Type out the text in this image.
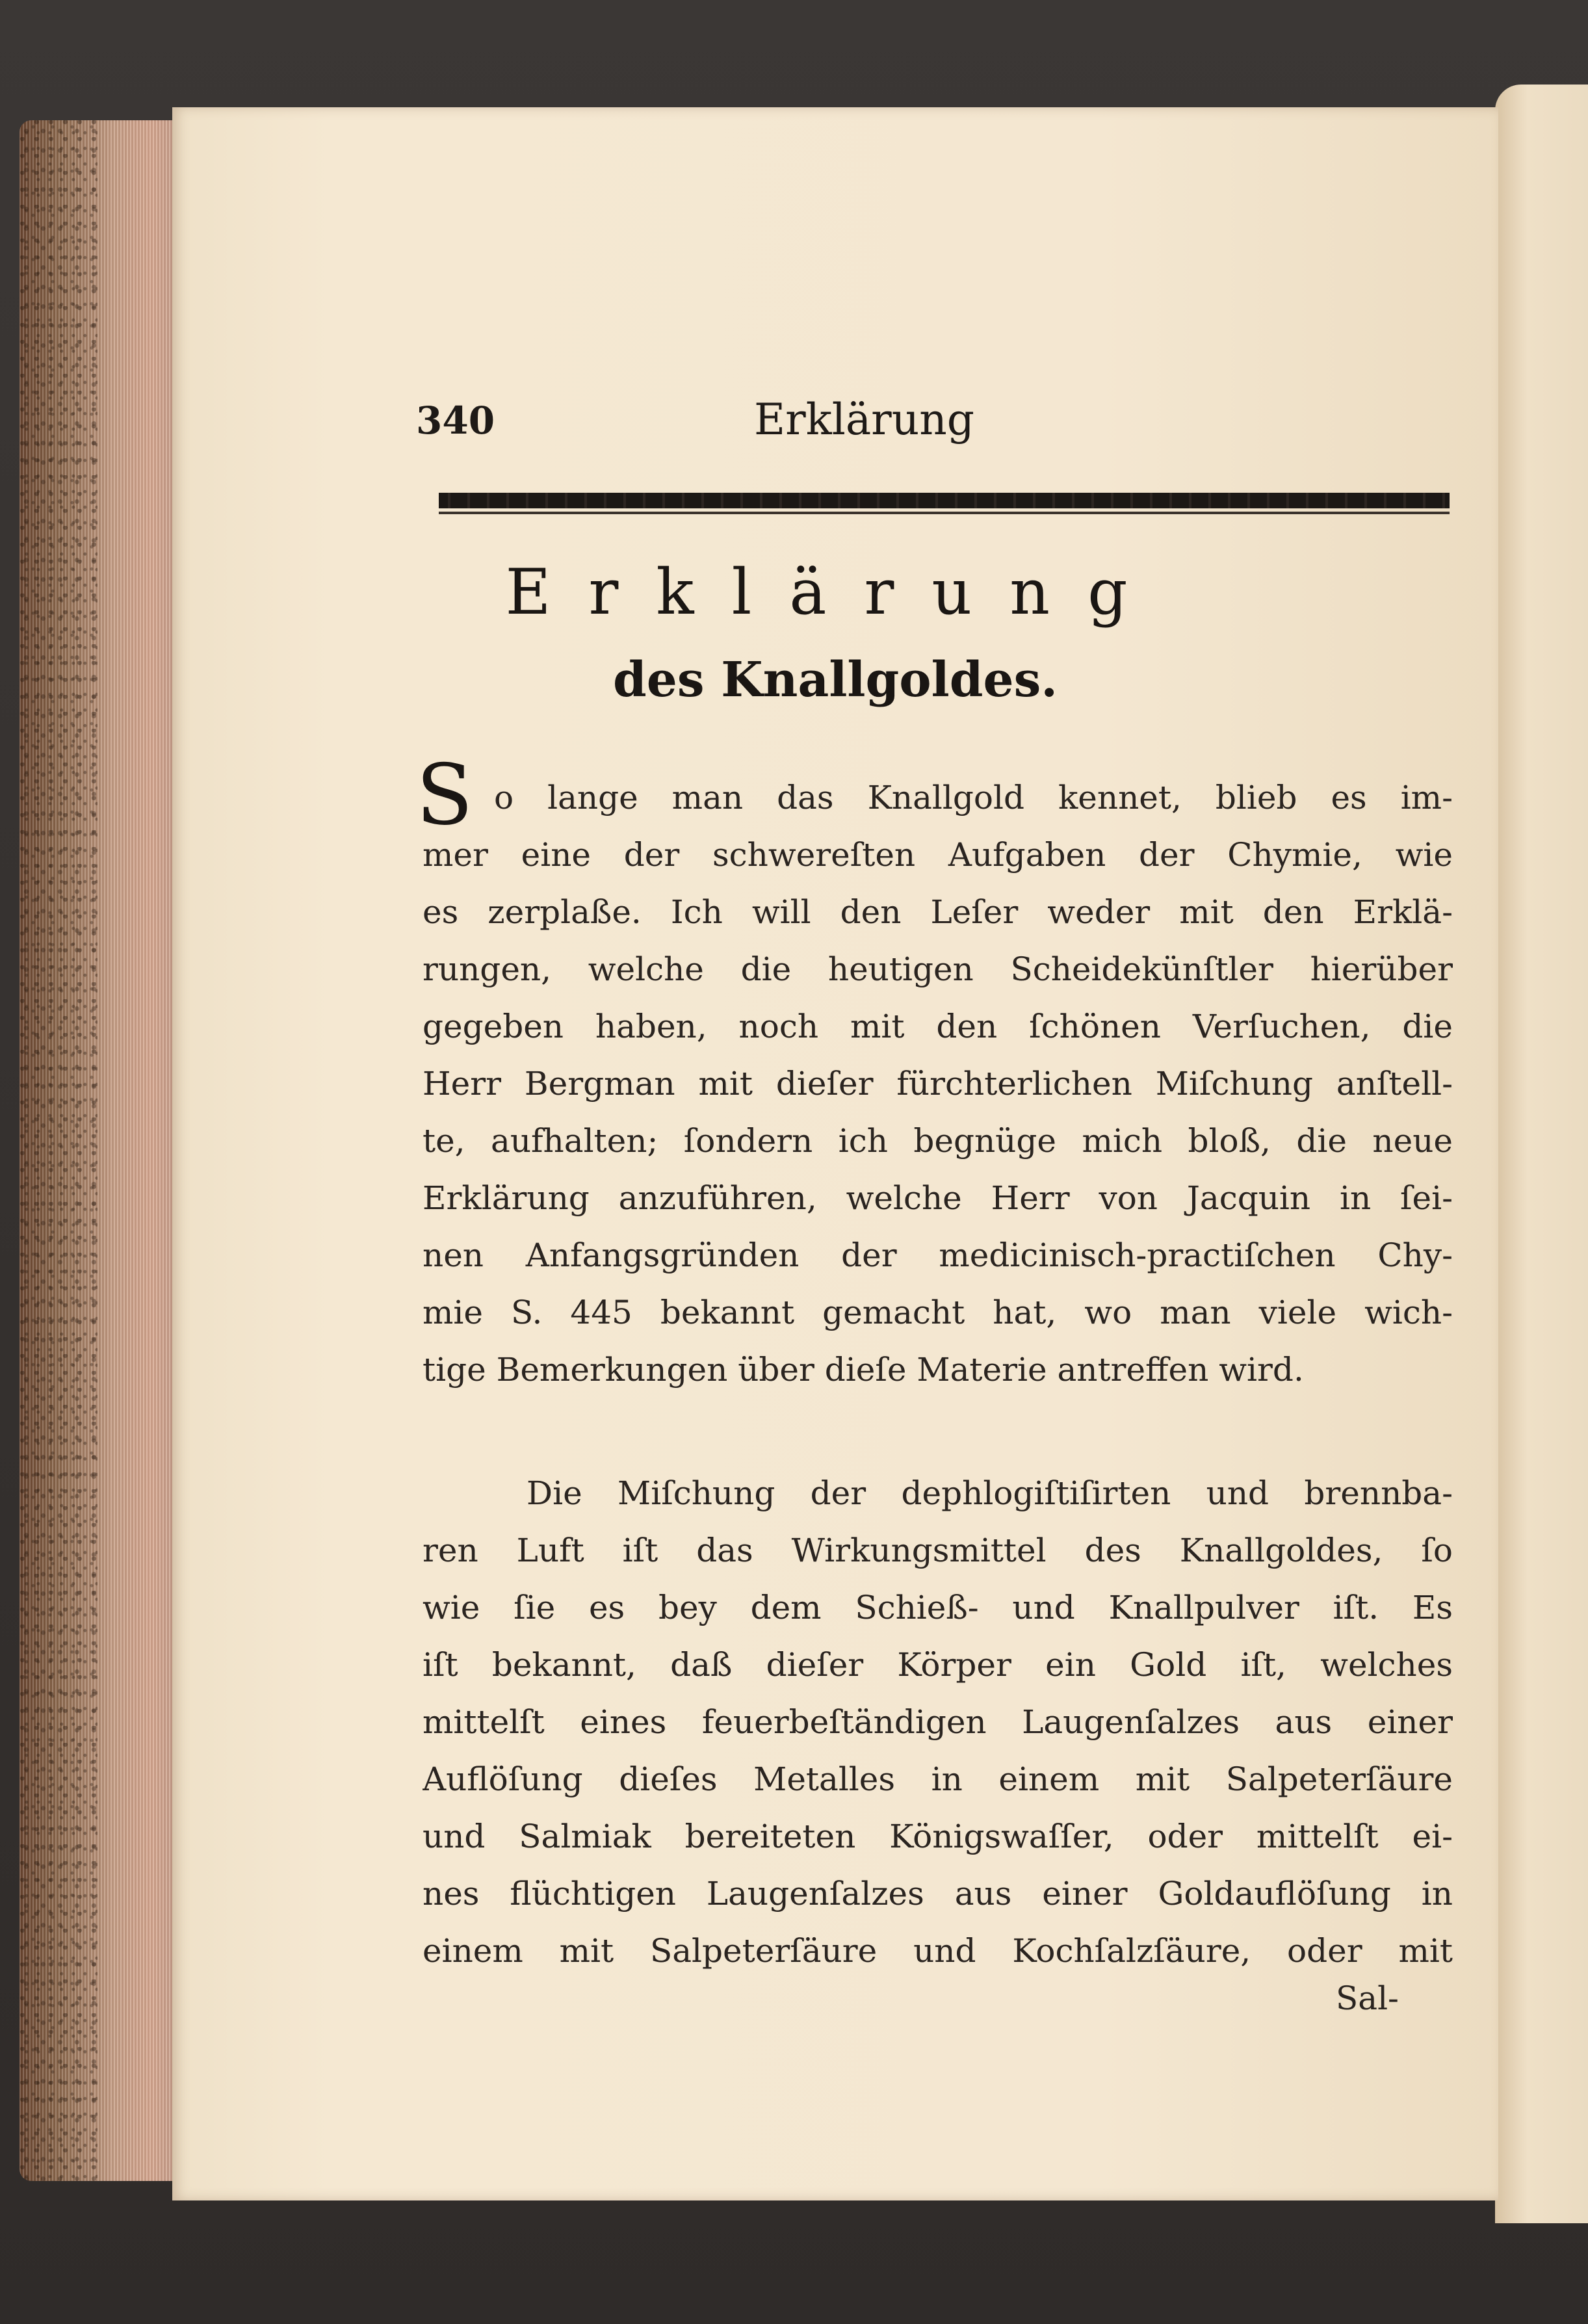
340	Erklärung
Erklärung
des Knallgoldes.
S o lange man das Knallgold kennet, blieb es im-
mer eine der schwereſten Aufgaben der Chymie, wie
es zerplaße. Ich will den Leſer weder mit den Erklä-
rungen, welche die heutigen Scheidekünſtler hierüber
gegeben haben, noch mit den ſchönen Verſuchen, die
Herr Bergman mit dieſer fürchterlichen Miſchung anſtell-
te, aufhalten; ſondern ich begnüge mich bloß, die neue
Erklärung anzuführen, welche Herr von Jacquin in ſei-
nen Anfangsgründen der medicinisch-practiſchen Chy-
mie S. 445 bekannt gemacht hat, wo man viele wich-
tige Bemerkungen über dieſe Materie antreffen wird.
Die Miſchung der dephlogiſtiſirten und brennba-
ren Luft iſt das Wirkungsmittel des Knallgoldes, ſo
wie ſie es bey dem Schieß- und Knallpulver iſt. Es
iſt bekannt, daß dieſer Körper ein Gold iſt, welches
mittelſt eines feuerbeſtändigen Laugenſalzes aus einer
Auflöſung dieſes Metalles in einem mit Salpeterſäure
und Salmiak bereiteten Königswaſſer, oder mittelſt ei-
nes flüchtigen Laugenſalzes aus einer Goldauflöſung in
einem mit Salpeterſäure und Kochſalzſäure, oder mit
Sal-
